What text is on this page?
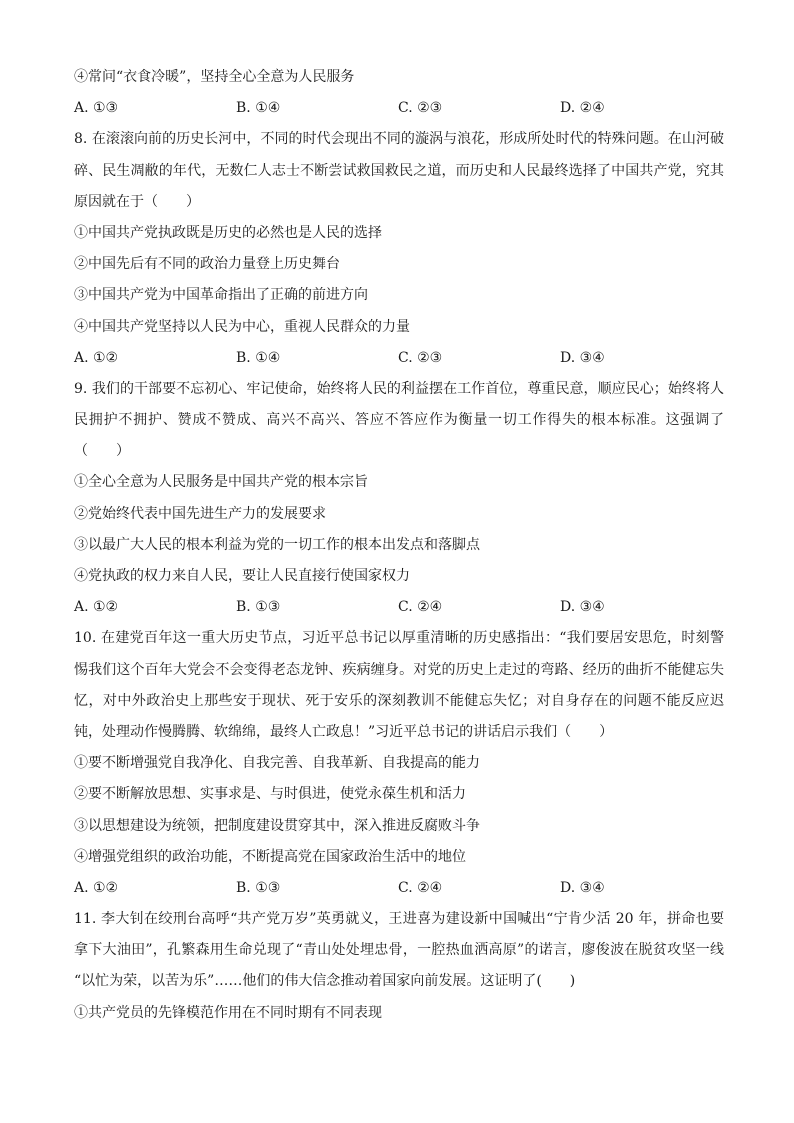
④常问“衣食冷暖”，坚持全心全意为人民服务
A. ①③	B. ①④	C. ②③	D. ②④
8. 在滚滚向前的历史长河中，不同的时代会现出不同的漩涡与浪花，形成所处时代的特殊问题。在山河破
碎、民生凋敝的年代，无数仁人志士不断尝试救国救民之道，而历史和人民最终选择了中国共产党，究其
原因就在于（　　）
①中国共产党执政既是历史的必然也是人民的选择
②中国先后有不同的政治力量登上历史舞台
③中国共产党为中国革命指出了正确的前进方向
④中国共产党坚持以人民为中心，重视人民群众的力量
A. ①②	B. ①④	C. ②③	D. ③④
9. 我们的干部要不忘初心、牢记使命，始终将人民的利益摆在工作首位，尊重民意，顺应民心；始终将人
民拥护不拥护、赞成不赞成、高兴不高兴、答应不答应作为衡量一切工作得失的根本标准。这强调了
（　　）
①全心全意为人民服务是中国共产党的根本宗旨
②党始终代表中国先进生产力的发展要求
③以最广大人民的根本利益为党的一切工作的根本出发点和落脚点
④党执政的权力来自人民，要让人民直接行使国家权力
A. ①②	B. ①③	C. ②④	D. ③④
10. 在建党百年这一重大历史节点，习近平总书记以厚重清晰的历史感指出：“我们要居安思危，时刻警
惕我们这个百年大党会不会变得老态龙钟、疾病缠身。对党的历史上走过的弯路、经历的曲折不能健忘失
忆，对中外政治史上那些安于现状、死于安乐的深刻教训不能健忘失忆；对自身存在的问题不能反应迟
钝，处理动作慢腾腾、软绵绵，最终人亡政息！”习近平总书记的讲话启示我们（　　）
①要不断增强党自我净化、自我完善、自我革新、自我提高的能力
②要不断解放思想、实事求是、与时俱进，使党永葆生机和活力
③以思想建设为统领，把制度建设贯穿其中，深入推进反腐败斗争
④增强党组织的政治功能，不断提高党在国家政治生活中的地位
A. ①②	B. ①③	C. ②④	D. ③④
11. 李大钊在绞刑台高呼“共产党万岁”英勇就义，王进喜为建设新中国喊出“宁肯少活 20 年，拼命也要
拿下大油田”，孔繁森用生命兑现了“青山处处埋忠骨，一腔热血洒高原”的诺言，廖俊波在脱贫攻坚一线
“以忙为荣，以苦为乐”……他们的伟大信念推动着国家向前发展。这证明了(　　)
①共产党员的先锋模范作用在不同时期有不同表现
